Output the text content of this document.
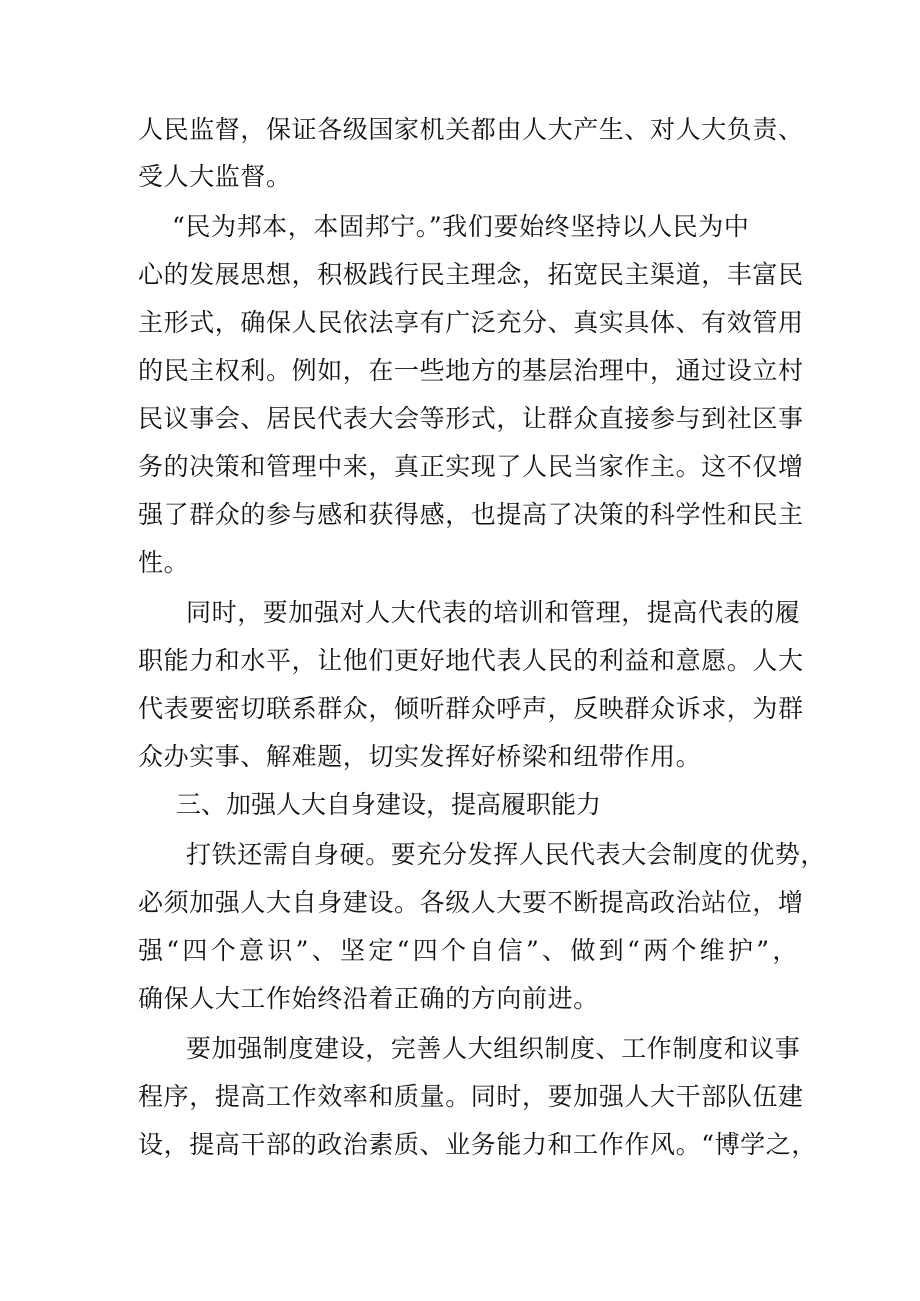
人民监督，保证各级国家机关都由人大产生、对人大负责、
受人大监督。
“民为邦本，本固邦宁。”我们要始终坚持以人民为中
心的发展思想，积极践行民主理念，拓宽民主渠道，丰富民
主形式，确保人民依法享有广泛充分、真实具体、有效管用
的民主权利。例如，在一些地方的基层治理中，通过设立村
民议事会、居民代表大会等形式，让群众直接参与到社区事
务的决策和管理中来，真正实现了人民当家作主。这不仅增
强了群众的参与感和获得感，也提高了决策的科学性和民主
性。
同时，要加强对人大代表的培训和管理，提高代表的履
职能力和水平，让他们更好地代表人民的利益和意愿。人大
代表要密切联系群众，倾听群众呼声，反映群众诉求，为群
众办实事、解难题，切实发挥好桥梁和纽带作用。
三、加强人大自身建设，提高履职能力
打铁还需自身硬。要充分发挥人民代表大会制度的优势，
必须加强人大自身建设。各级人大要不断提高政治站位，增
强“四个意识”、坚定“四个自信”、做到“两个维护”，
确保人大工作始终沿着正确的方向前进。
要加强制度建设，完善人大组织制度、工作制度和议事
程序，提高工作效率和质量。同时，要加强人大干部队伍建
设，提高干部的政治素质、业务能力和工作作风。“博学之，
